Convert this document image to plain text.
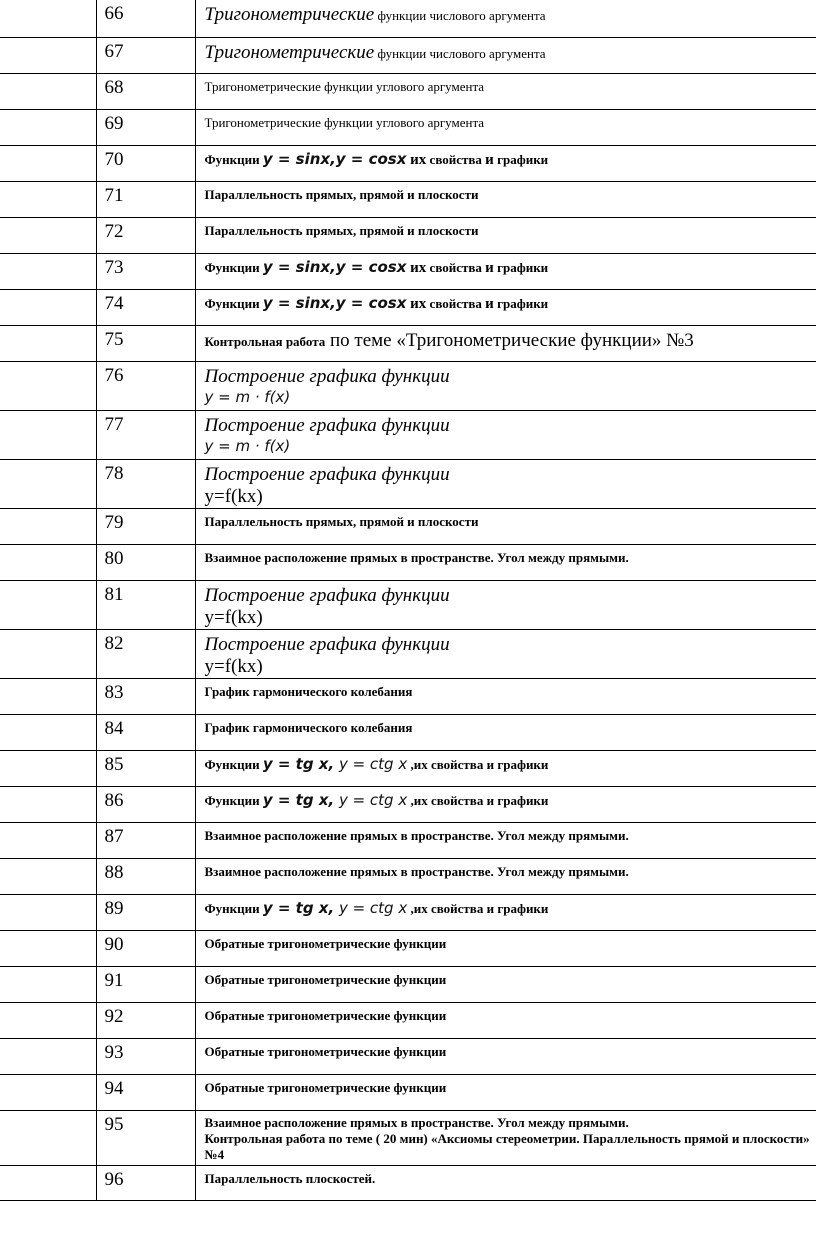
	66	Тригонометрические функции числового аргумента
	67	Тригонометрические функции числового аргумента
	68	Тригонометрические функции углового аргумента
	69	Тригонометрические функции углового аргумента
	70	Функции y = sinx,y = cosx их свойства и графики
	71	Параллельность прямых, прямой и плоскости
	72	Параллельность прямых, прямой и плоскости
	73	Функции y = sinx,y = cosx их свойства и графики
	74	Функции y = sinx,y = cosx их свойства и графики
	75	Контрольная работа по теме «Тригонометрические функции» №3
	76	Построение графика функции
y = m · f(x)

	77	Построение графика функции
y = m · f(x)

	78	Построение графика функции
y=f(kx)

	79	Параллельность прямых, прямой и плоскости
	80	Взаимное расположение прямых в пространстве. Угол между прямыми.
	81	Построение графика функции
y=f(kx)

	82	Построение графика функции
y=f(kx)

	83	График гармонического колебания
	84	График гармонического колебания
	85	Функции y = tg x, y = ctg x ,их свойства и графики
	86	Функции y = tg x, y = ctg x ,их свойства и графики
	87	Взаимное расположение прямых в пространстве. Угол между прямыми.
	88	Взаимное расположение прямых в пространстве. Угол между прямыми.
	89	Функции y = tg x, y = ctg x ,их свойства и графики
	90	Обратные тригонометрические функции
	91	Обратные тригонометрические функции
	92	Обратные тригонометрические функции
	93	Обратные тригонометрические функции
	94	Обратные тригонометрические функции
	95	Взаимное расположение прямых в пространстве. Угол между прямыми.
Контрольная работа по теме ( 20 мин) «Аксиомы стереометрии. Параллельность прямой и плоскости» №4

	96	Параллельность плоскостей.
